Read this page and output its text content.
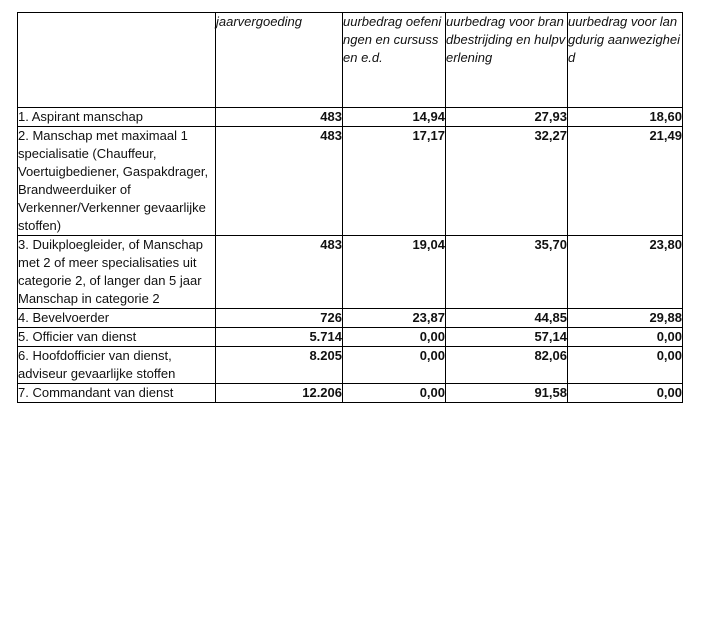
	jaarvergoeding	uurbedrag oefeningen en cursussen e.d.	uurbedrag voor brandbestrijding en hulpverlening	uurbedrag voor langdurig aanwezigheid

1. Aspirant manschap	483	14,94	27,93	18,60
2. Manschap met maximaal 1 specialisatie (Chauffeur, Voertuigbediener, Gaspakdrager, Brandweerduiker of Verkenner/Verkenner gevaarlijke stoffen)	483	17,17	32,27	21,49
3. Duikploegleider, of Manschap met 2 of meer specialisaties uit categorie 2, of langer dan 5 jaar Manschap in categorie 2	483	19,04	35,70	23,80
4. Bevelvoerder	726	23,87	44,85	29,88
5. Officier van dienst	5.714	0,00	57,14	0,00
6. Hoofdofficier van dienst, adviseur gevaarlijke stoffen	8.205	0,00	82,06	0,00
7. Commandant van dienst	12.206	0,00	91,58	0,00
